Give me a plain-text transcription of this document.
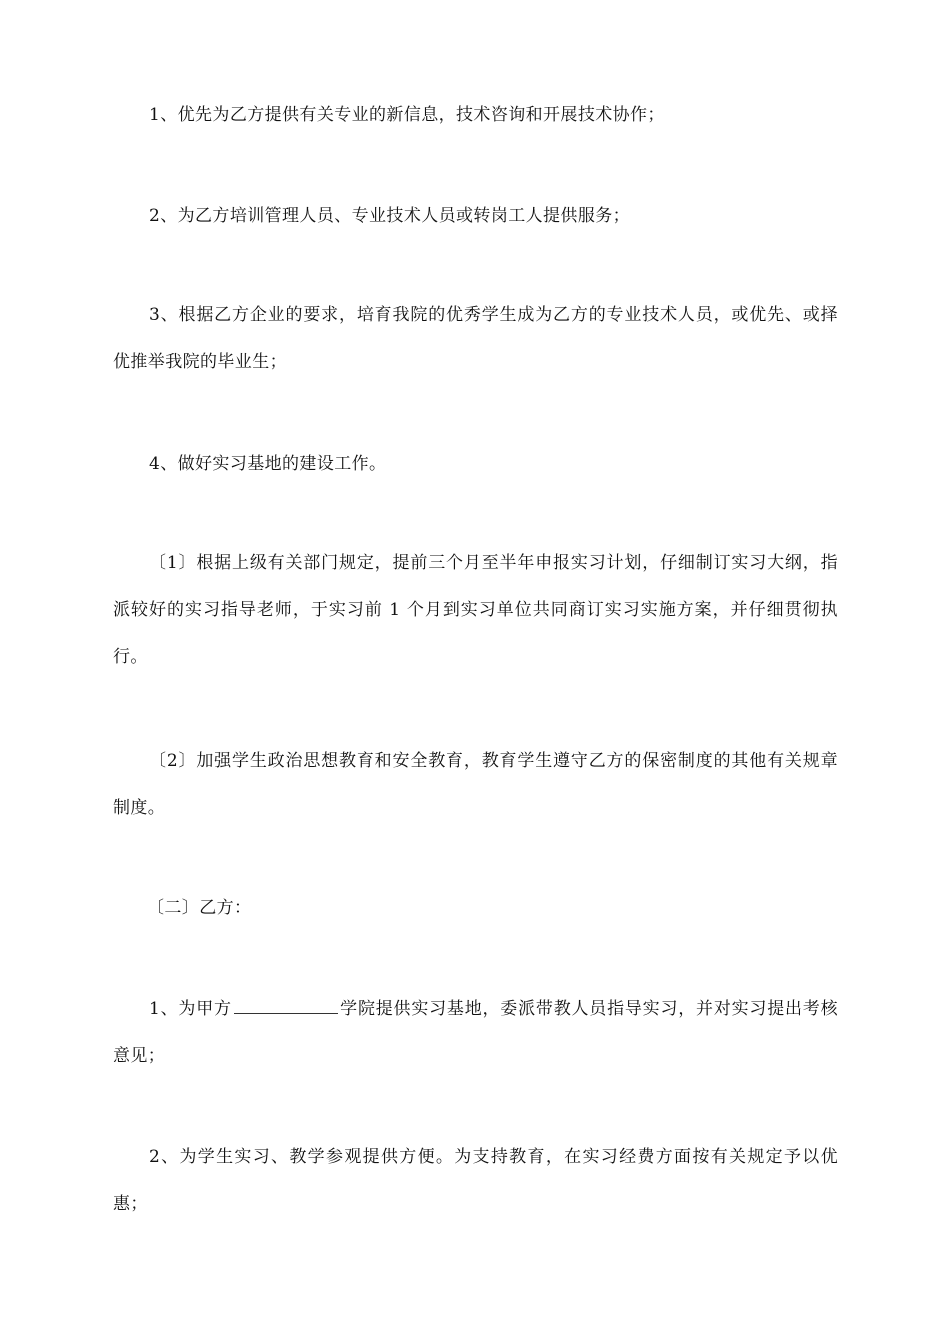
1、优先为乙方提供有关专业的新信息，技术咨询和开展技术协作；

2、为乙方培训管理人员、专业技术人员或转岗工人提供服务；

3、根据乙方企业的要求，培育我院的优秀学生成为乙方的专业技术人员，或优先、或择优推举我院的毕业生；

4、做好实习基地的建设工作。

〔1〕根据上级有关部门规定，提前三个月至半年申报实习计划，仔细制订实习大纲，指派较好的实习指导老师，于实习前 1 个月到实习单位共同商订实习实施方案，并仔细贯彻执行。

〔2〕加强学生政治思想教育和安全教育，教育学生遵守乙方的保密制度的其他有关规章制度。

〔二〕乙方：

1、为甲方	学院提供实习基地，委派带教人员指导实习，并对实习提出考核意见；

2、为学生实习、教学参观提供方便。为支持教育，在实习经费方面按有关规定予以优惠；
